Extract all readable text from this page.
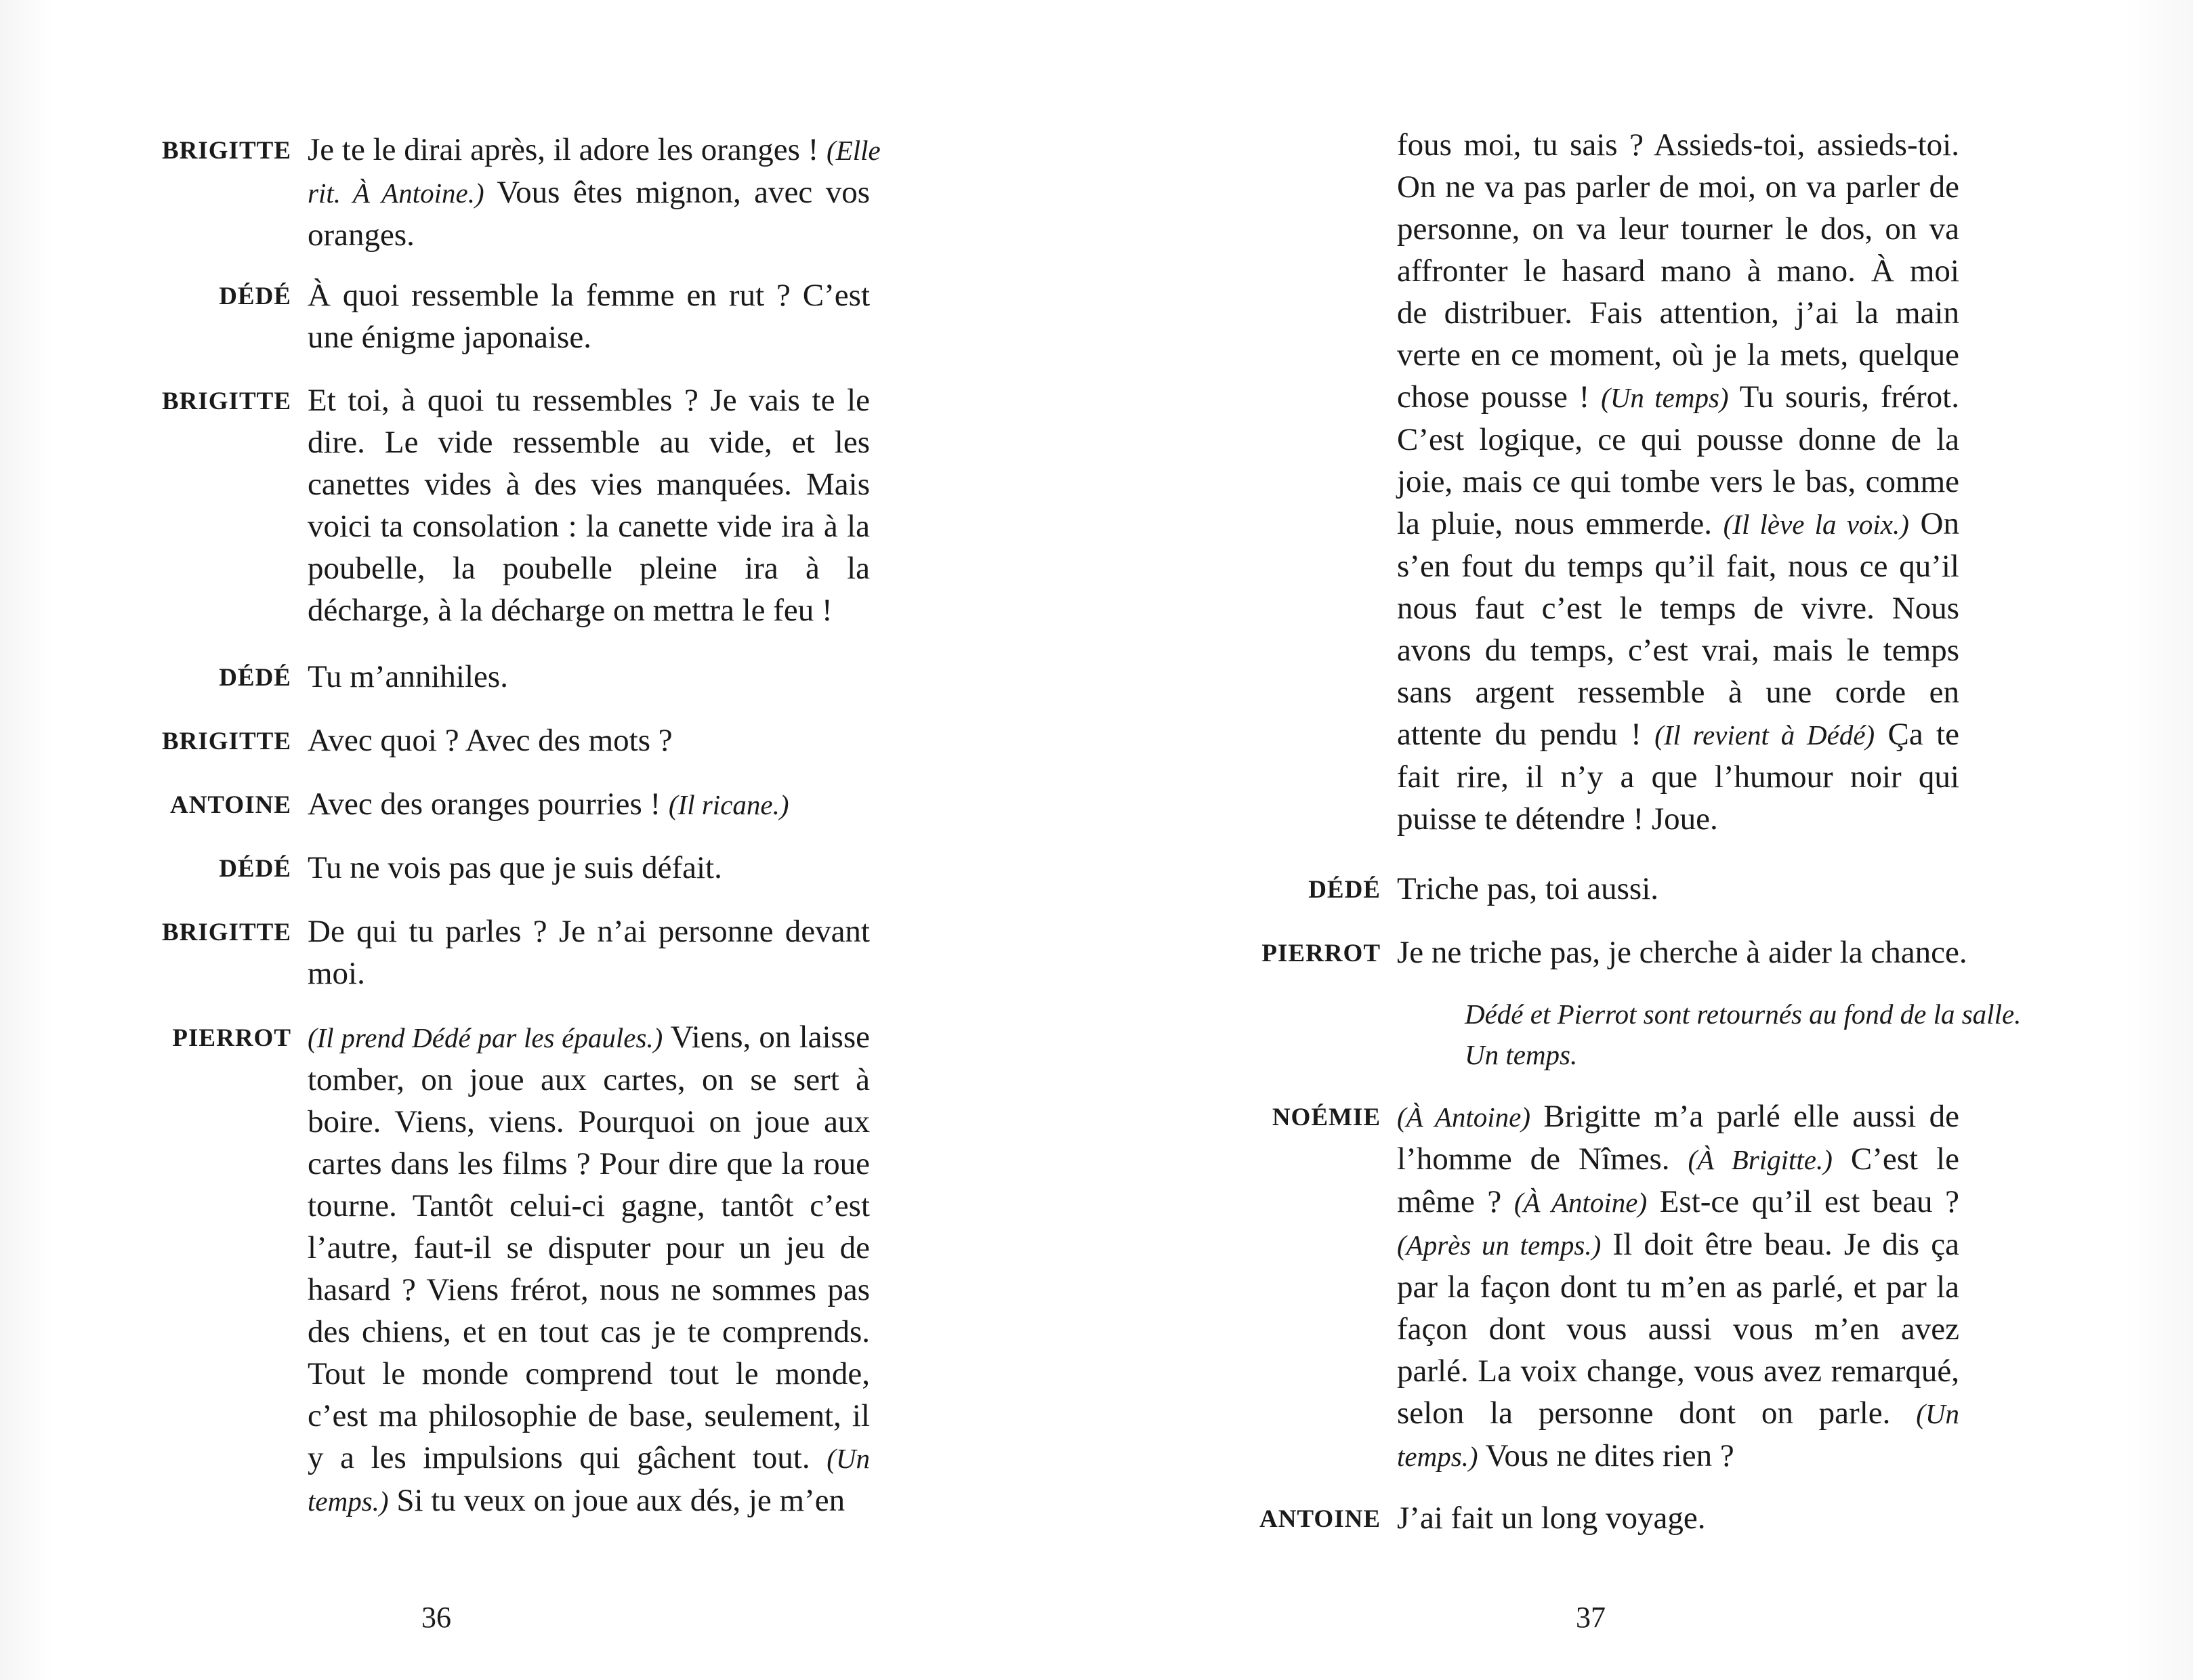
BRIGITTE Je te le dirai après, il adore les oranges ! (Elle
rit. À Antoine.) Vous êtes mignon, avec vos
oranges.
DÉDÉ À quoi ressemble la femme en rut ? C’est
une énigme japonaise.
BRIGITTE Et toi, à quoi tu ressembles ? Je vais te le
dire. Le vide ressemble au vide, et les
canettes vides à des vies manquées. Mais
voici ta consolation : la canette vide ira à la
poubelle, la poubelle pleine ira à la
décharge, à la décharge on mettra le feu !
DÉDÉ Tu m’annihiles.
BRIGITTE Avec quoi ? Avec des mots ?
ANTOINE Avec des oranges pourries ! (Il ricane.)
DÉDÉ Tu ne vois pas que je suis défait.
BRIGITTE De qui tu parles ? Je n’ai personne devant
moi.
PIERROT (Il prend Dédé par les épaules.) Viens, on laisse
tomber, on joue aux cartes, on se sert à
boire. Viens, viens. Pourquoi on joue aux
cartes dans les films ? Pour dire que la roue
tourne. Tantôt celui-ci gagne, tantôt c’est
l’autre, faut-il se disputer pour un jeu de
hasard ? Viens frérot, nous ne sommes pas
des chiens, et en tout cas je te comprends.
Tout le monde comprend tout le monde,
c’est ma philosophie de base, seulement, il
y a les impulsions qui gâchent tout. (Un
temps.) Si tu veux on joue aux dés, je m’en
36
fous moi, tu sais ? Assieds-toi, assieds-toi.
On ne va pas parler de moi, on va parler de
personne, on va leur tourner le dos, on va
affronter le hasard mano à mano. À moi
de distribuer. Fais attention, j’ai la main
verte en ce moment, où je la mets, quelque
chose pousse ! (Un temps) Tu souris, frérot.
C’est logique, ce qui pousse donne de la
joie, mais ce qui tombe vers le bas, comme
la pluie, nous emmerde. (Il lève la voix.) On
s’en fout du temps qu’il fait, nous ce qu’il
nous faut c’est le temps de vivre. Nous
avons du temps, c’est vrai, mais le temps
sans argent ressemble à une corde en
attente du pendu ! (Il revient à Dédé) Ça te
fait rire, il n’y a que l’humour noir qui
puisse te détendre ! Joue.
DÉDÉ Triche pas, toi aussi.
PIERROT Je ne triche pas, je cherche à aider la chance.
Dédé et Pierrot sont retournés au fond de la salle.
Un temps.
NOÉMIE (À Antoine) Brigitte m’a parlé elle aussi de
l’homme de Nîmes. (À Brigitte.) C’est le
même ? (À Antoine) Est-ce qu’il est beau ?
(Après un temps.) Il doit être beau. Je dis ça
par la façon dont tu m’en as parlé, et par la
façon dont vous aussi vous m’en avez
parlé. La voix change, vous avez remarqué,
selon la personne dont on parle. (Un
temps.) Vous ne dites rien ?
ANTOINE J’ai fait un long voyage.
37
